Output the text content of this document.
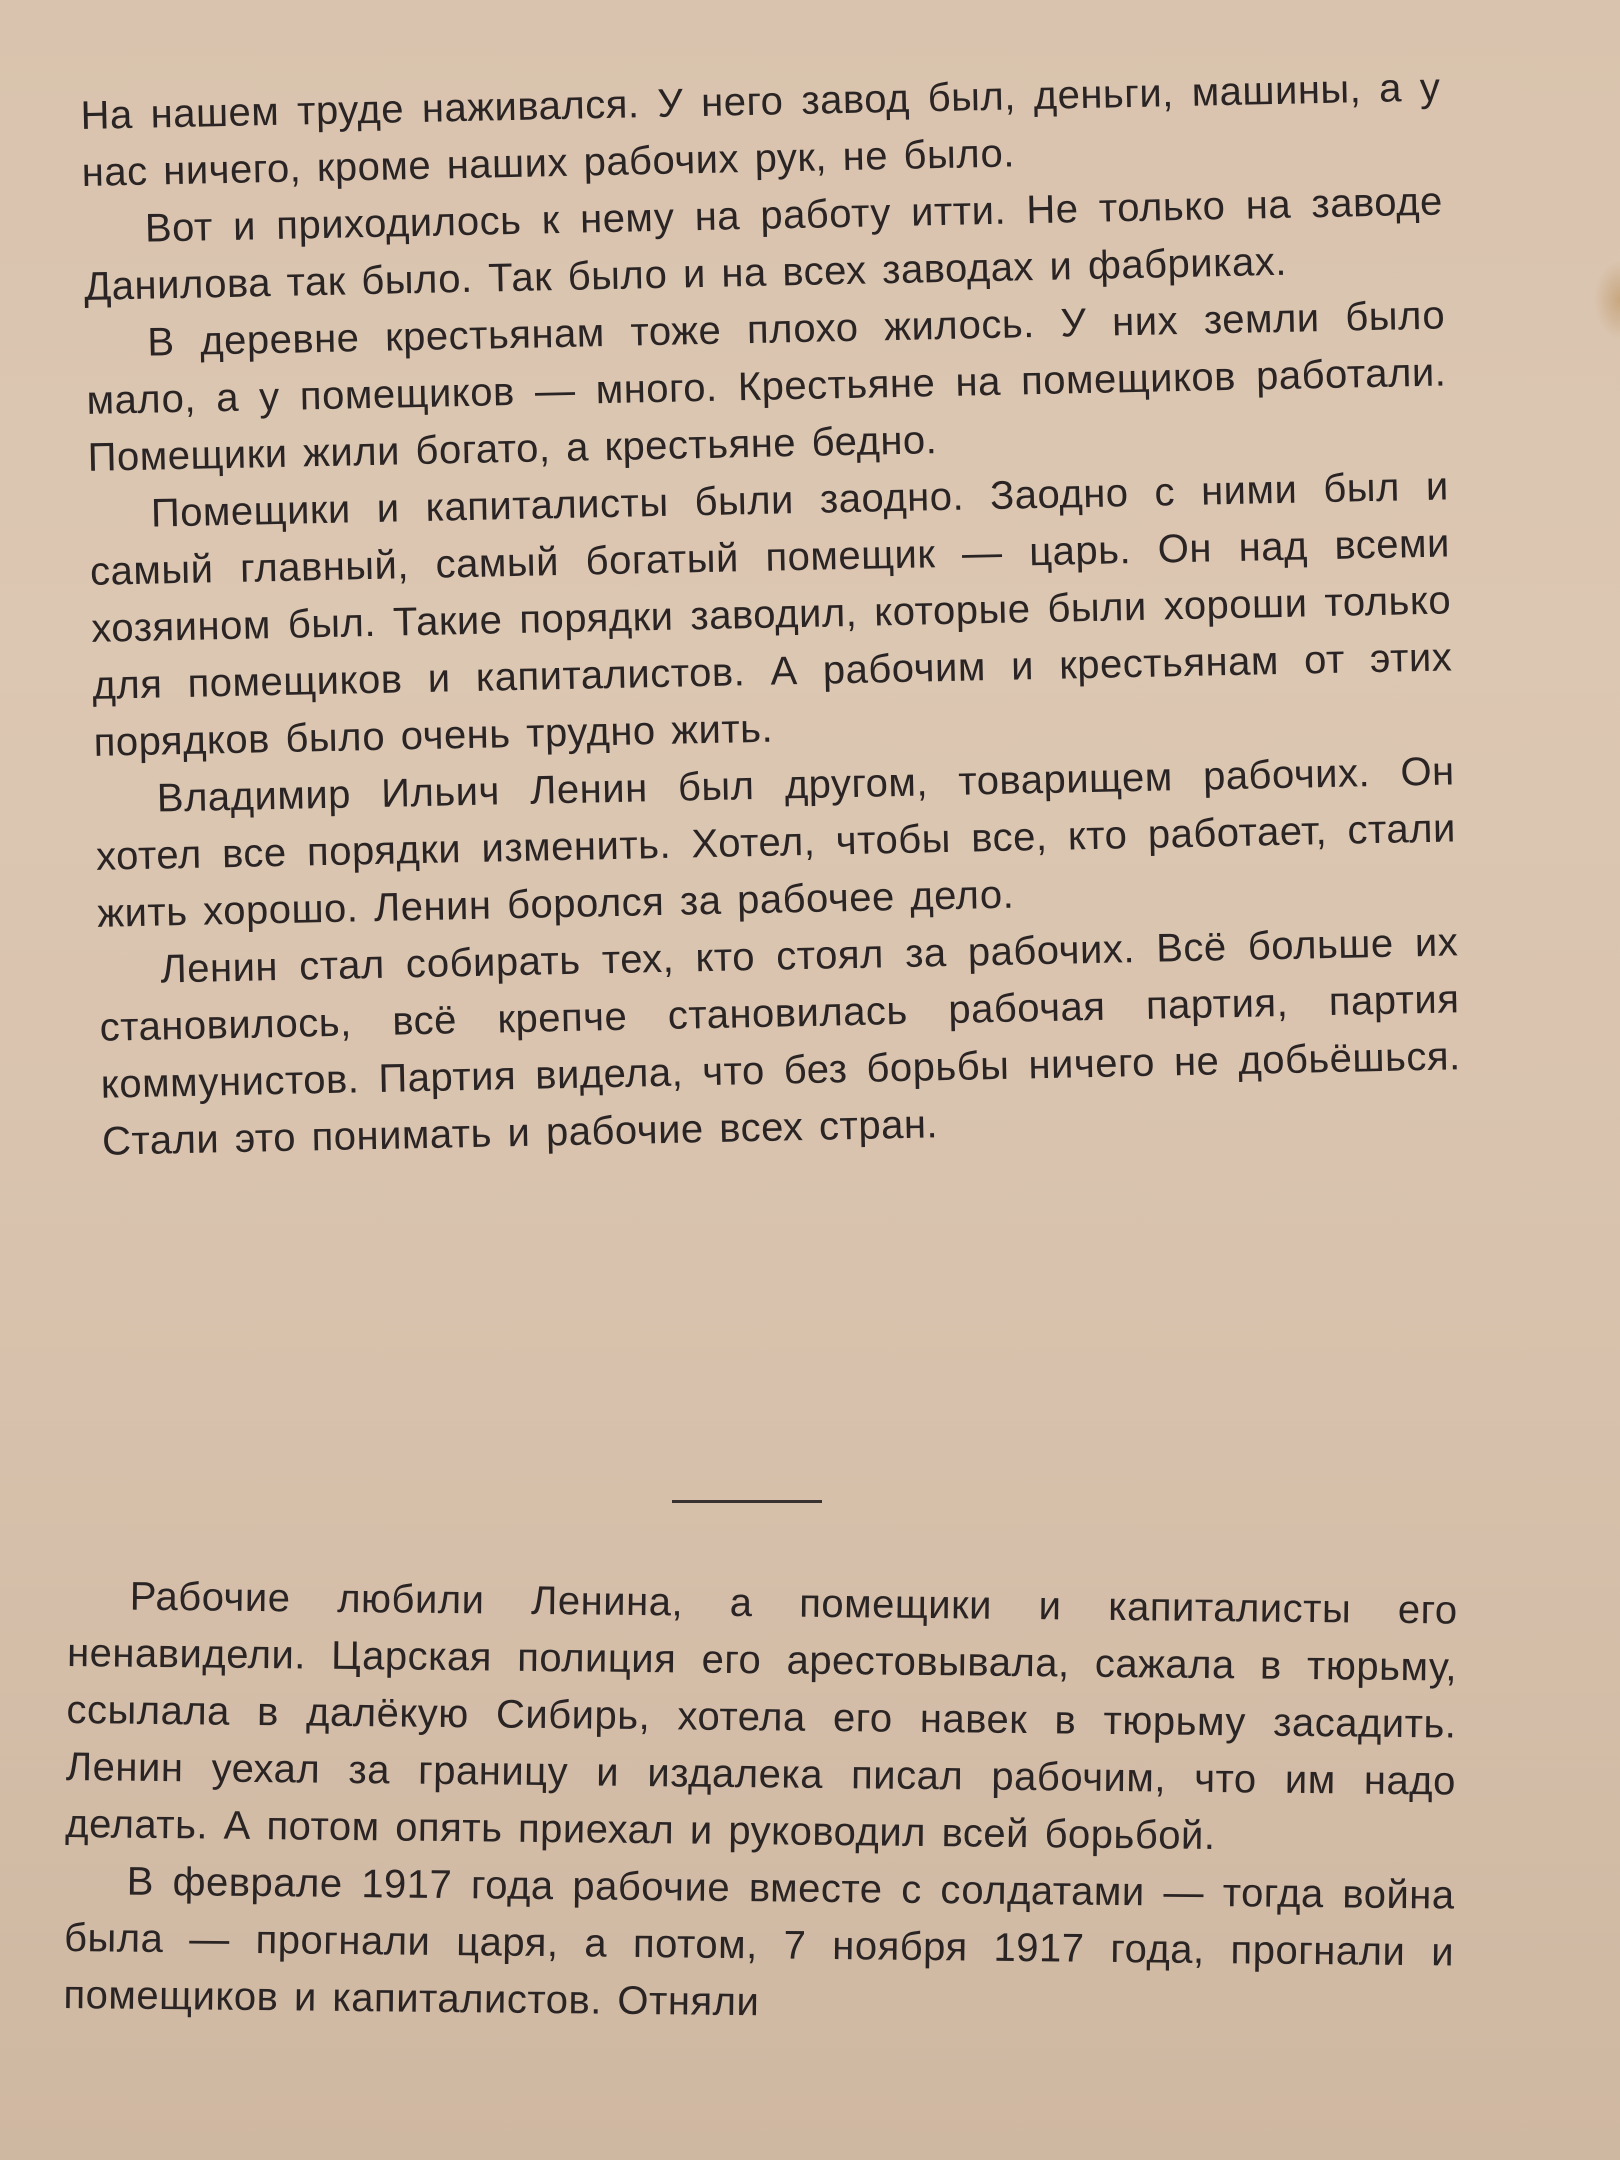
На нашем труде наживался. У него завод был, деньги, машины, а у нас ничего, кроме наших рабочих рук, не было.

Вот и приходилось к нему на работу итти. Не только на заводе Данилова так было. Так было и на всех заводах и фабриках.

В деревне крестьянам тоже плохо жилось. У них земли было мало, а у помещиков — много. Крестьяне на помещиков работали. Помещики жили богато, а крестьяне бедно.

Помещики и капиталисты были заодно. Заодно с ними был и самый главный, самый богатый помещик — царь. Он над всеми хозяином был. Такие порядки заводил, которые были хороши только для помещиков и капиталистов. А рабочим и крестьянам от этих порядков было очень трудно жить.

Владимир Ильич Ленин был другом, товарищем рабочих. Он хотел все порядки изменить. Хотел, чтобы все, кто работает, стали жить хорошо. Ленин боролся за рабочее дело.

Ленин стал собирать тех, кто стоял за рабочих. Всё больше их становилось, всё крепче становилась рабочая партия, партия коммунистов. Партия видела, что без борьбы ничего не добьёшься. Стали это понимать и рабочие всех стран.

Рабочие любили Ленина, а помещики и капиталисты его ненавидели. Царская полиция его арестовывала, сажала в тюрьму, ссылала в далёкую Сибирь, хотела его навек в тюрьму засадить. Ленин уехал за границу и издалека писал рабочим, что им надо делать. А потом опять приехал и руководил всей борьбой.

В феврале 1917 года рабочие вместе с солдатами — тогда война была — прогнали царя, а потом, 7 ноября 1917 года, прогнали и помещиков и капиталистов. Отняли
